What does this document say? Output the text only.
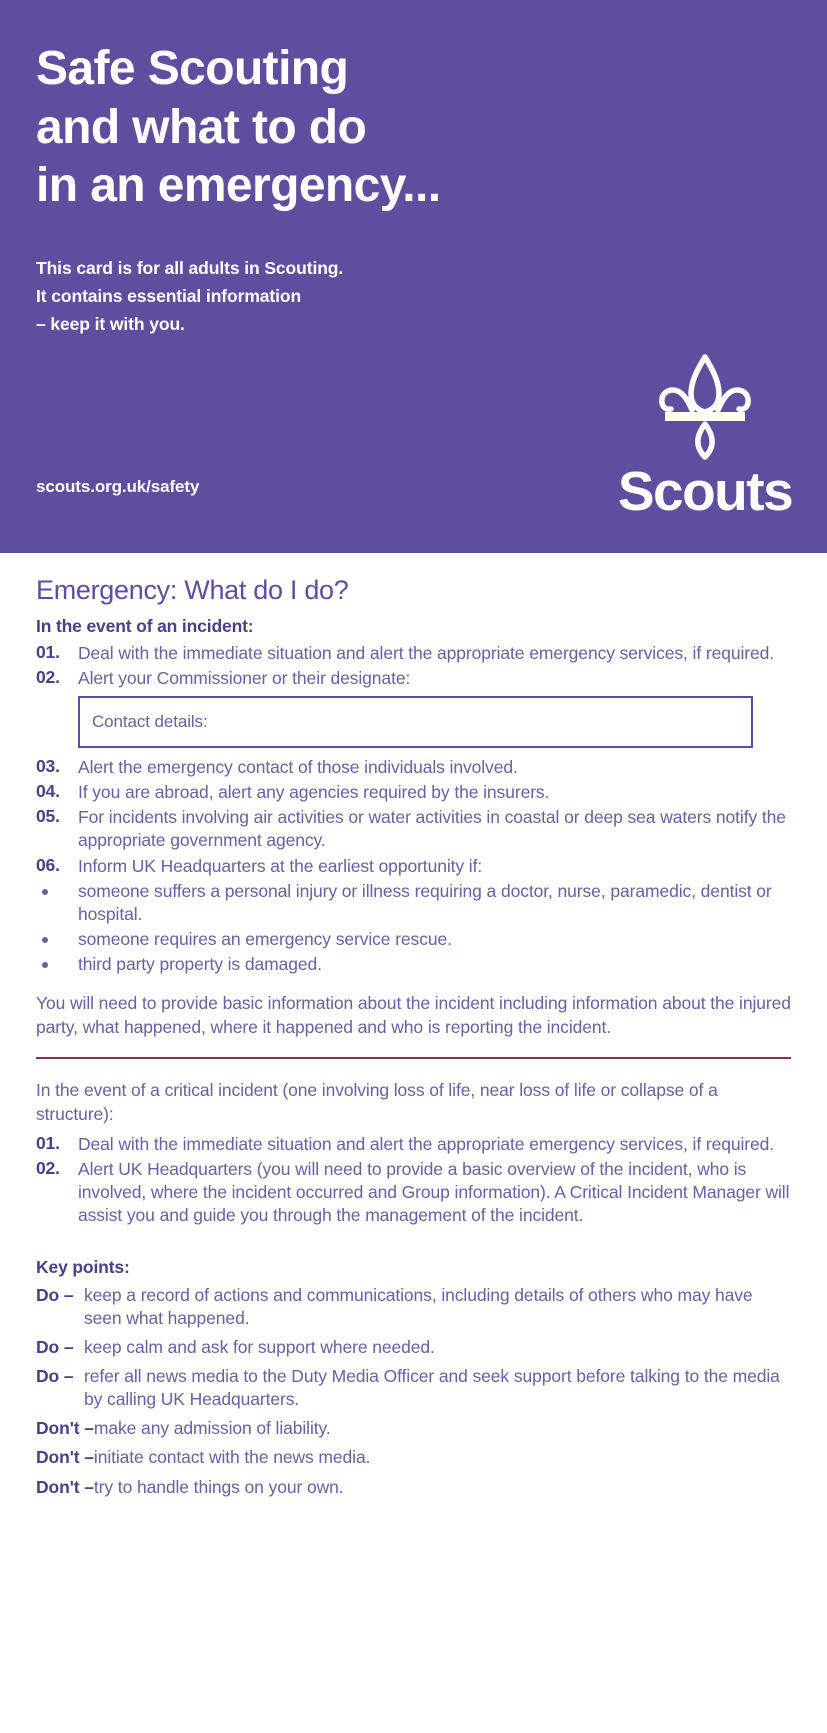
Safe Scouting
and what to do
in an emergency...
This card is for all adults in Scouting.
It contains essential information
– keep it with you.
scouts.org.uk/safety	Scouts
Emergency: What do I do?

In the event of an incident:

01.	Deal with the immediate situation and alert the appropriate emergency services, if required.
02.	Alert your Commissioner or their designate:
Contact details:
03.	Alert the emergency contact of those individuals involved.
04.	If you are abroad, alert any agencies required by the insurers.
05.	For incidents involving air activities or water activities in coastal or deep sea waters notify the appropriate government agency.
06.	Inform UK Headquarters at the earliest opportunity if:
someone suffers a personal injury or illness requiring a doctor, nurse, paramedic, dentist or hospital.
someone requires an emergency service rescue.
third party property is damaged.

You will need to provide basic information about the incident including information about the injured party, what happened, where it happened and who is reporting the incident.

In the event of a critical incident (one involving loss of life, near loss of life or collapse of a structure):

01.	Deal with the immediate situation and alert the appropriate emergency services, if required.
02.	Alert UK Headquarters (you will need to provide a basic overview of the incident, who is involved, where the incident occurred and Group information). A Critical Incident Manager will assist you and guide you through the management of the incident.

Key points:

Do – keep a record of actions and communications, including details of others who may have seen what happened.
Do – keep calm and ask for support where needed.
Do – refer all news media to the Duty Media Officer and seek support before talking to the media by calling UK Headquarters.
Don't –make any admission of liability.
Don't –initiate contact with the news media.
Don't –try to handle things on your own.
